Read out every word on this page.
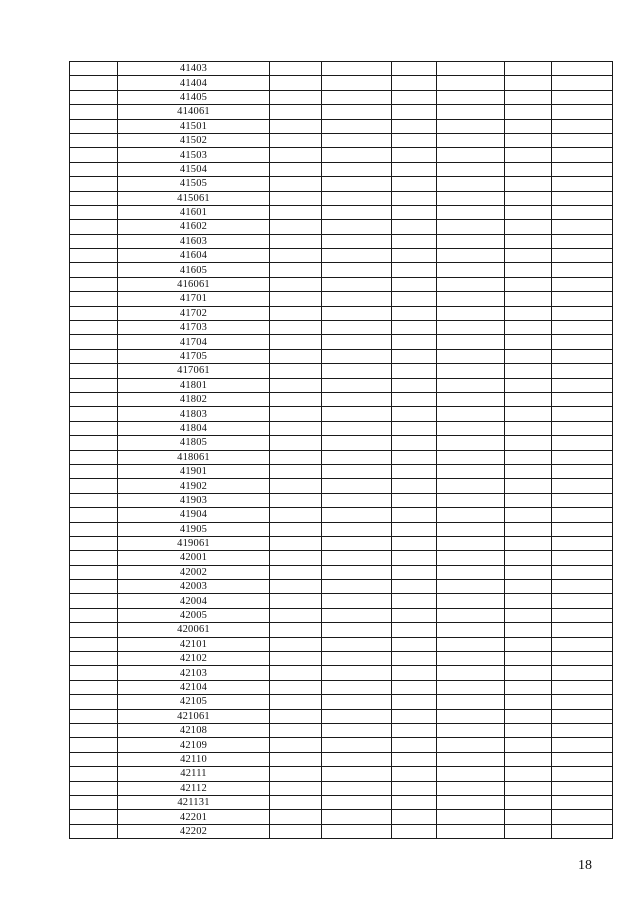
	41403						
	41404						
	41405						
	414061						
	41501						
	41502						
	41503						
	41504						
	41505						
	415061						
	41601						
	41602						
	41603						
	41604						
	41605						
	416061						
	41701						
	41702						
	41703						
	41704						
	41705						
	417061						
	41801						
	41802						
	41803						
	41804						
	41805						
	418061						
	41901						
	41902						
	41903						
	41904						
	41905						
	419061						
	42001						
	42002						
	42003						
	42004						
	42005						
	420061						
	42101						
	42102						
	42103						
	42104						
	42105						
	421061						
	42108						
	42109						
	42110						
	42111						
	42112						
	421131						
	42201						
	42202						
18
